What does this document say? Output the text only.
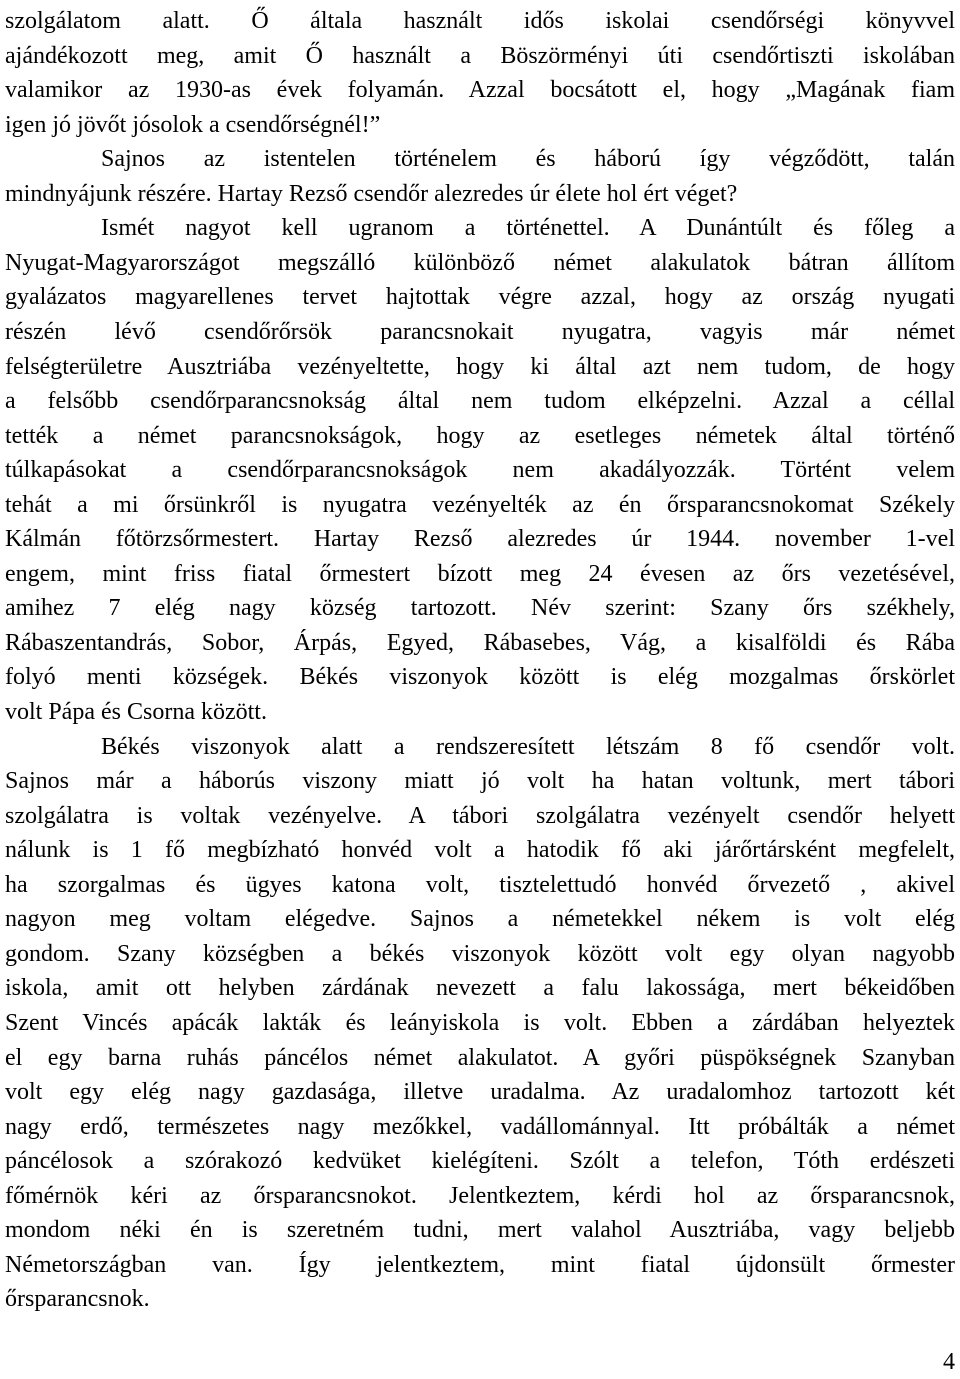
szolgálatom alatt. Ő általa használt idős iskolai csendőrségi könyvvel
ajándékozott meg, amit Ő használt a Böszörményi úti csendőrtiszti iskolában
valamikor az 1930-as évek folyamán. Azzal bocsátott el, hogy „Magának fiam
igen jó jövőt jósolok a csendőrségnél!”
Sajnos az istentelen történelem és háború így végződött, talán
mindnyájunk részére. Hartay Rezső csendőr alezredes úr élete hol ért véget?
Ismét nagyot kell ugranom a történettel. A Dunántúlt és főleg a
Nyugat-Magyarországot megszálló különböző német alakulatok bátran állítom
gyalázatos magyarellenes tervet hajtottak végre azzal, hogy az ország nyugati
részén lévő csendőrőrsök parancsnokait nyugatra, vagyis már német
felségterületre Ausztriába vezényeltette, hogy ki által azt nem tudom, de hogy
a felsőbb csendőrparancsnokság által nem tudom elképzelni. Azzal a céllal
tették a német parancsnokságok, hogy az esetleges németek által történő
túlkapásokat a csendőrparancsnokságok nem akadályozzák. Történt velem
tehát a mi őrsünkről is nyugatra vezényelték az én őrsparancsnokomat Székely
Kálmán főtörzsőrmestert. Hartay Rezső alezredes úr 1944. november 1-vel
engem, mint friss fiatal őrmestert bízott meg 24 évesen az őrs vezetésével,
amihez 7 elég nagy község tartozott. Név szerint: Szany őrs székhely,
Rábaszentandrás, Sobor, Árpás, Egyed, Rábasebes, Vág, a kisalföldi és Rába
folyó menti községek. Békés viszonyok között is elég mozgalmas őrskörlet
volt Pápa és Csorna között.
Békés viszonyok alatt a rendszeresített létszám 8 fő csendőr volt.
Sajnos már a háborús viszony miatt jó volt ha hatan voltunk, mert tábori
szolgálatra is voltak vezényelve. A tábori szolgálatra vezényelt csendőr helyett
nálunk is 1 fő megbízható honvéd volt a hatodik fő aki járőrtársként megfelelt,
ha szorgalmas és ügyes katona volt, tisztelettudó honvéd őrvezető , akivel
nagyon meg voltam elégedve. Sajnos a németekkel nékem is volt elég
gondom. Szany községben a békés viszonyok között volt egy olyan nagyobb
iskola, amit ott helyben zárdának nevezett a falu lakossága, mert békeidőben
Szent Vincés apácák lakták és leányiskola is volt. Ebben a zárdában helyeztek
el egy barna ruhás páncélos német alakulatot. A győri püspökségnek Szanyban
volt egy elég nagy gazdasága, illetve uradalma. Az uradalomhoz tartozott két
nagy erdő, természetes nagy mezőkkel, vadállománnyal. Itt próbálták a német
páncélosok a szórakozó kedvüket kielégíteni. Szólt a telefon, Tóth erdészeti
főmérnök kéri az őrsparancsnokot. Jelentkeztem, kérdi hol az őrsparancsnok,
mondom néki én is szeretném tudni, mert valahol Ausztriába, vagy beljebb
Németországban van. Így jelentkeztem, mint fiatal újdonsült őrmester
őrsparancsnok.
4
